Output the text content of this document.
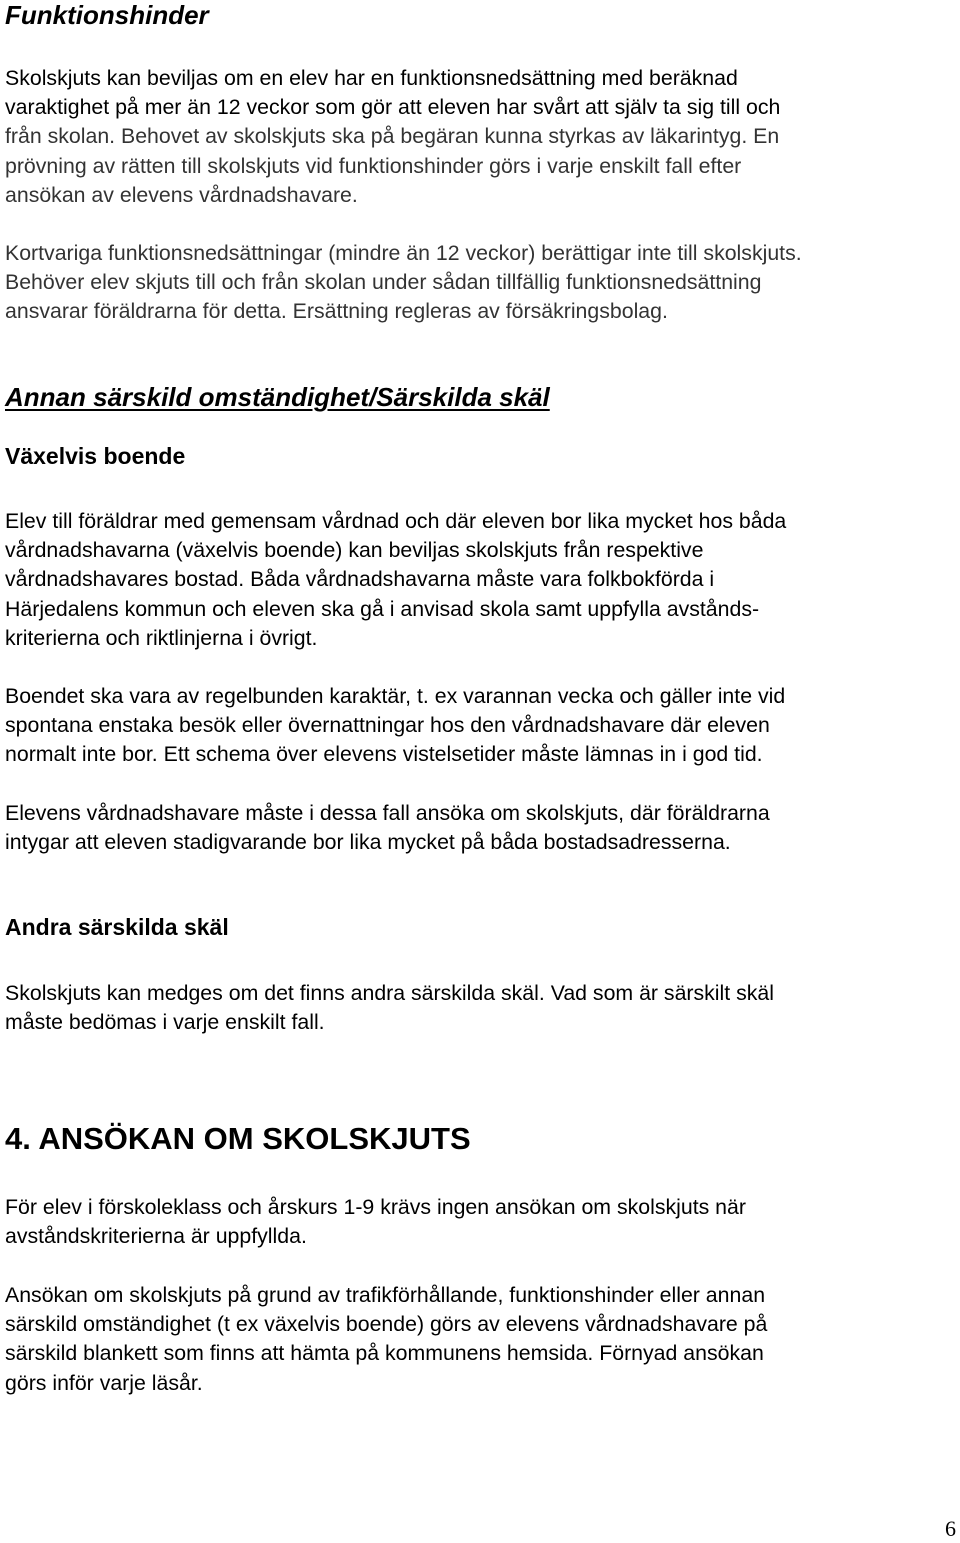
Funktionshinder

Skolskjuts kan beviljas om en elev har en funktionsnedsättning med beräknad
varaktighet på mer än 12 veckor som gör att eleven har svårt att själv ta sig till och
från skolan. Behovet av skolskjuts ska på begäran kunna styrkas av läkarintyg. En
prövning av rätten till skolskjuts vid funktionshinder görs i varje enskilt fall efter
ansökan av elevens vårdnadshavare.

Kortvariga funktionsnedsättningar (mindre än 12 veckor) berättigar inte till skolskjuts.
Behöver elev skjuts till och från skolan under sådan tillfällig funktionsnedsättning
ansvarar föräldrarna för detta. Ersättning regleras av försäkringsbolag.

Annan särskild omständighet/Särskilda skäl
Växelvis boende

Elev till föräldrar med gemensam vårdnad och där eleven bor lika mycket hos båda
vårdnadshavarna (växelvis boende) kan beviljas skolskjuts från respektive
vårdnadshavares bostad. Båda vårdnadshavarna måste vara folkbokförda i
Härjedalens kommun och eleven ska gå i anvisad skola samt uppfylla avstånds-
kriterierna och riktlinjerna i övrigt.

Boendet ska vara av regelbunden karaktär, t. ex varannan vecka och gäller inte vid
spontana enstaka besök eller övernattningar hos den vårdnadshavare där eleven
normalt inte bor. Ett schema över elevens vistelsetider måste lämnas in i god tid.

Elevens vårdnadshavare måste i dessa fall ansöka om skolskjuts, där föräldrarna
intygar att eleven stadigvarande bor lika mycket på båda bostadsadresserna.

Andra särskilda skäl

Skolskjuts kan medges om det finns andra särskilda skäl. Vad som är särskilt skäl
måste bedömas i varje enskilt fall.

4. ANSÖKAN OM SKOLSKJUTS

För elev i förskoleklass och årskurs 1-9 krävs ingen ansökan om skolskjuts när
avståndskriterierna är uppfyllda.

Ansökan om skolskjuts på grund av trafikförhållande, funktionshinder eller annan
särskild omständighet (t ex växelvis boende) görs av elevens vårdnadshavare på
särskild blankett som finns att hämta på kommunens hemsida. Förnyad ansökan
görs inför varje läsår.

6
